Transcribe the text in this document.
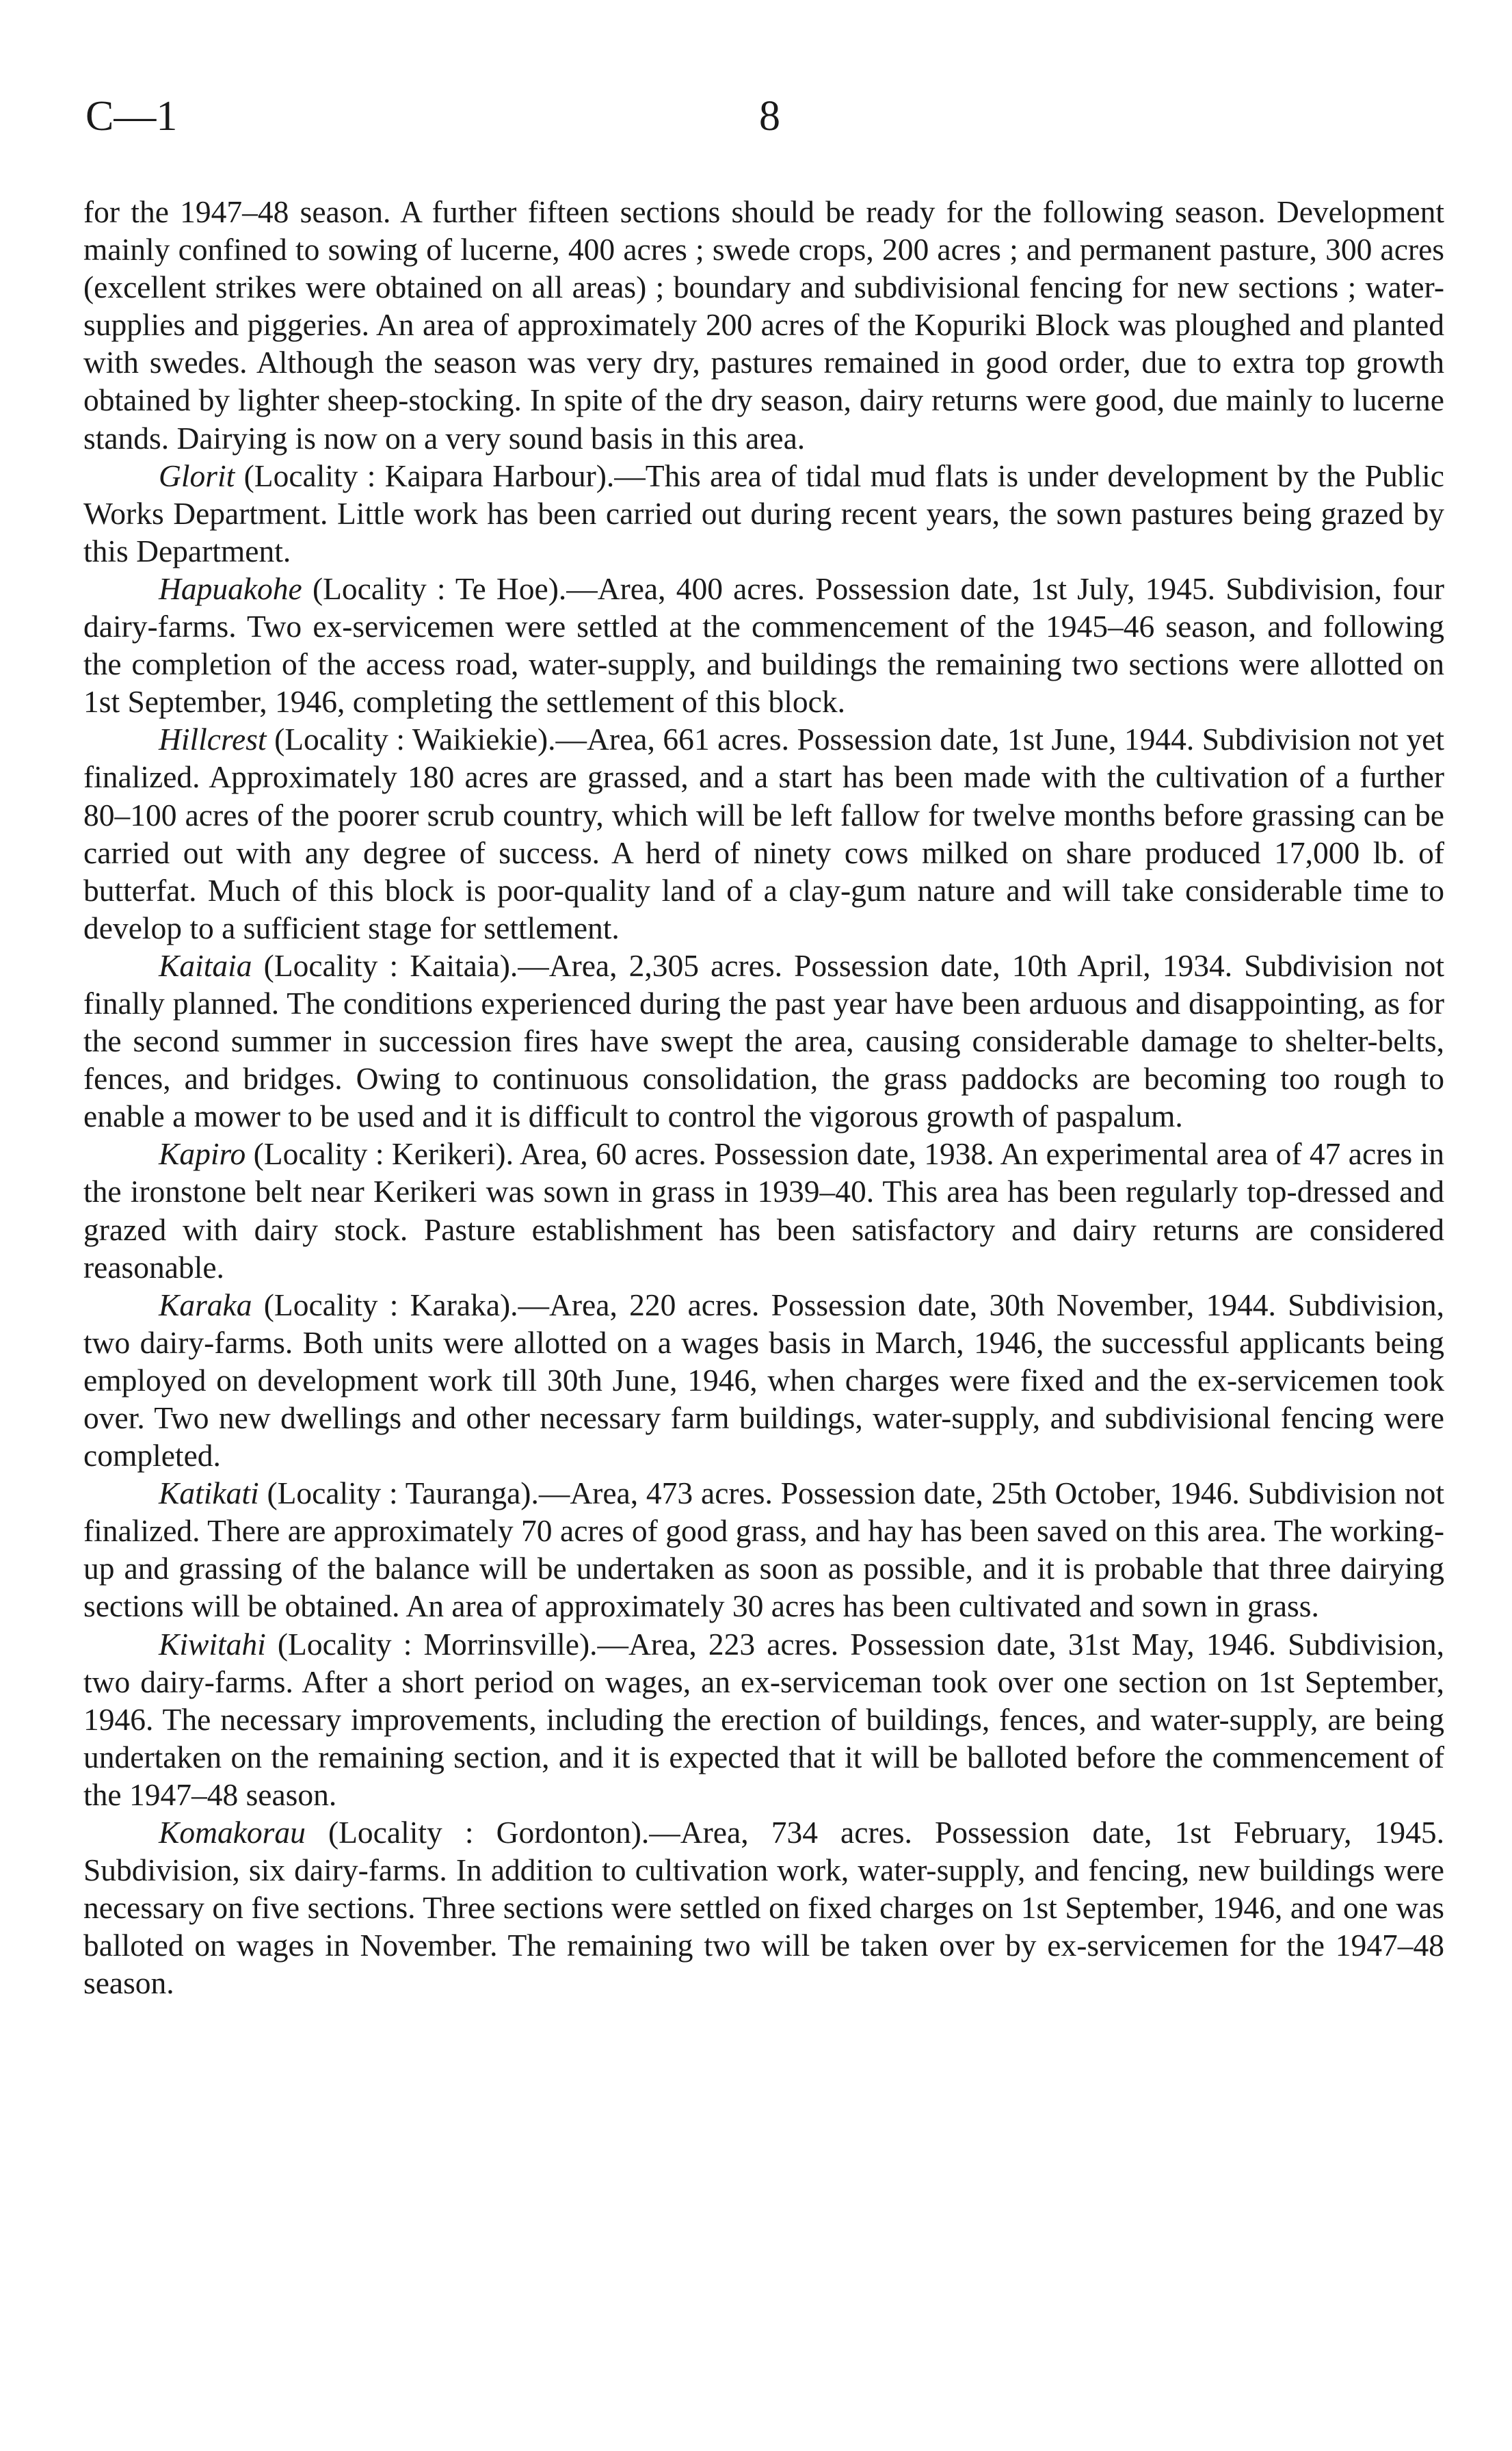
C—1	8

for the 1947–48 season. A further fifteen sections should be ready for the following season. Development mainly confined to sowing of lucerne, 400 acres ; swede crops, 200 acres ; and permanent pasture, 300 acres (excellent strikes were obtained on all areas) ; boundary and subdivisional fencing for new sections ; water-supplies and piggeries. An area of approximately 200 acres of the Kopuriki Block was ploughed and planted with swedes. Although the season was very dry, pastures remained in good order, due to extra top growth obtained by lighter sheep-stocking. In spite of the dry season, dairy returns were good, due mainly to lucerne stands. Dairying is now on a very sound basis in this area.

Glorit (Locality : Kaipara Harbour).—This area of tidal mud flats is under development by the Public Works Department. Little work has been carried out during recent years, the sown pastures being grazed by this Department.

Hapuakohe (Locality : Te Hoe).—Area, 400 acres. Possession date, 1st July, 1945. Subdivision, four dairy-farms. Two ex-servicemen were settled at the commencement of the 1945–46 season, and following the completion of the access road, water-supply, and buildings the remaining two sections were allotted on 1st September, 1946, completing the settlement of this block.

Hillcrest (Locality : Waikiekie).—Area, 661 acres. Possession date, 1st June, 1944. Subdivision not yet finalized. Approximately 180 acres are grassed, and a start has been made with the cultivation of a further 80–100 acres of the poorer scrub country, which will be left fallow for twelve months before grassing can be carried out with any degree of success. A herd of ninety cows milked on share produced 17,000 lb. of butterfat. Much of this block is poor-quality land of a clay-gum nature and will take considerable time to develop to a sufficient stage for settlement.

Kaitaia (Locality : Kaitaia).—Area, 2,305 acres. Possession date, 10th April, 1934. Subdivision not finally planned. The conditions experienced during the past year have been arduous and disappointing, as for the second summer in succession fires have swept the area, causing considerable damage to shelter-belts, fences, and bridges. Owing to continuous consolidation, the grass paddocks are becoming too rough to enable a mower to be used and it is difficult to control the vigorous growth of paspalum.

Kapiro (Locality : Kerikeri). Area, 60 acres. Possession date, 1938. An experimental area of 47 acres in the ironstone belt near Kerikeri was sown in grass in 1939–40. This area has been regularly top-dressed and grazed with dairy stock. Pasture establishment has been satisfactory and dairy returns are considered reasonable.

Karaka (Locality : Karaka).—Area, 220 acres. Possession date, 30th November, 1944. Subdivision, two dairy-farms. Both units were allotted on a wages basis in March, 1946, the successful applicants being employed on development work till 30th June, 1946, when charges were fixed and the ex-servicemen took over. Two new dwellings and other necessary farm buildings, water-supply, and subdivisional fencing were completed.

Katikati (Locality : Tauranga).—Area, 473 acres. Possession date, 25th October, 1946. Subdivision not finalized. There are approximately 70 acres of good grass, and hay has been saved on this area. The working-up and grassing of the balance will be undertaken as soon as possible, and it is probable that three dairying sections will be obtained. An area of approximately 30 acres has been cultivated and sown in grass.

Kiwitahi (Locality : Morrinsville).—Area, 223 acres. Possession date, 31st May, 1946. Subdivision, two dairy-farms. After a short period on wages, an ex-serviceman took over one section on 1st September, 1946. The necessary improvements, including the erection of buildings, fences, and water-supply, are being undertaken on the remaining section, and it is expected that it will be balloted before the commencement of the 1947–48 season.

Komakorau (Locality : Gordonton).—Area, 734 acres. Possession date, 1st February, 1945. Subdivision, six dairy-farms. In addition to cultivation work, water-supply, and fencing, new buildings were necessary on five sections. Three sections were settled on fixed charges on 1st September, 1946, and one was balloted on wages in November. The remaining two will be taken over by ex-servicemen for the 1947–48 season.
